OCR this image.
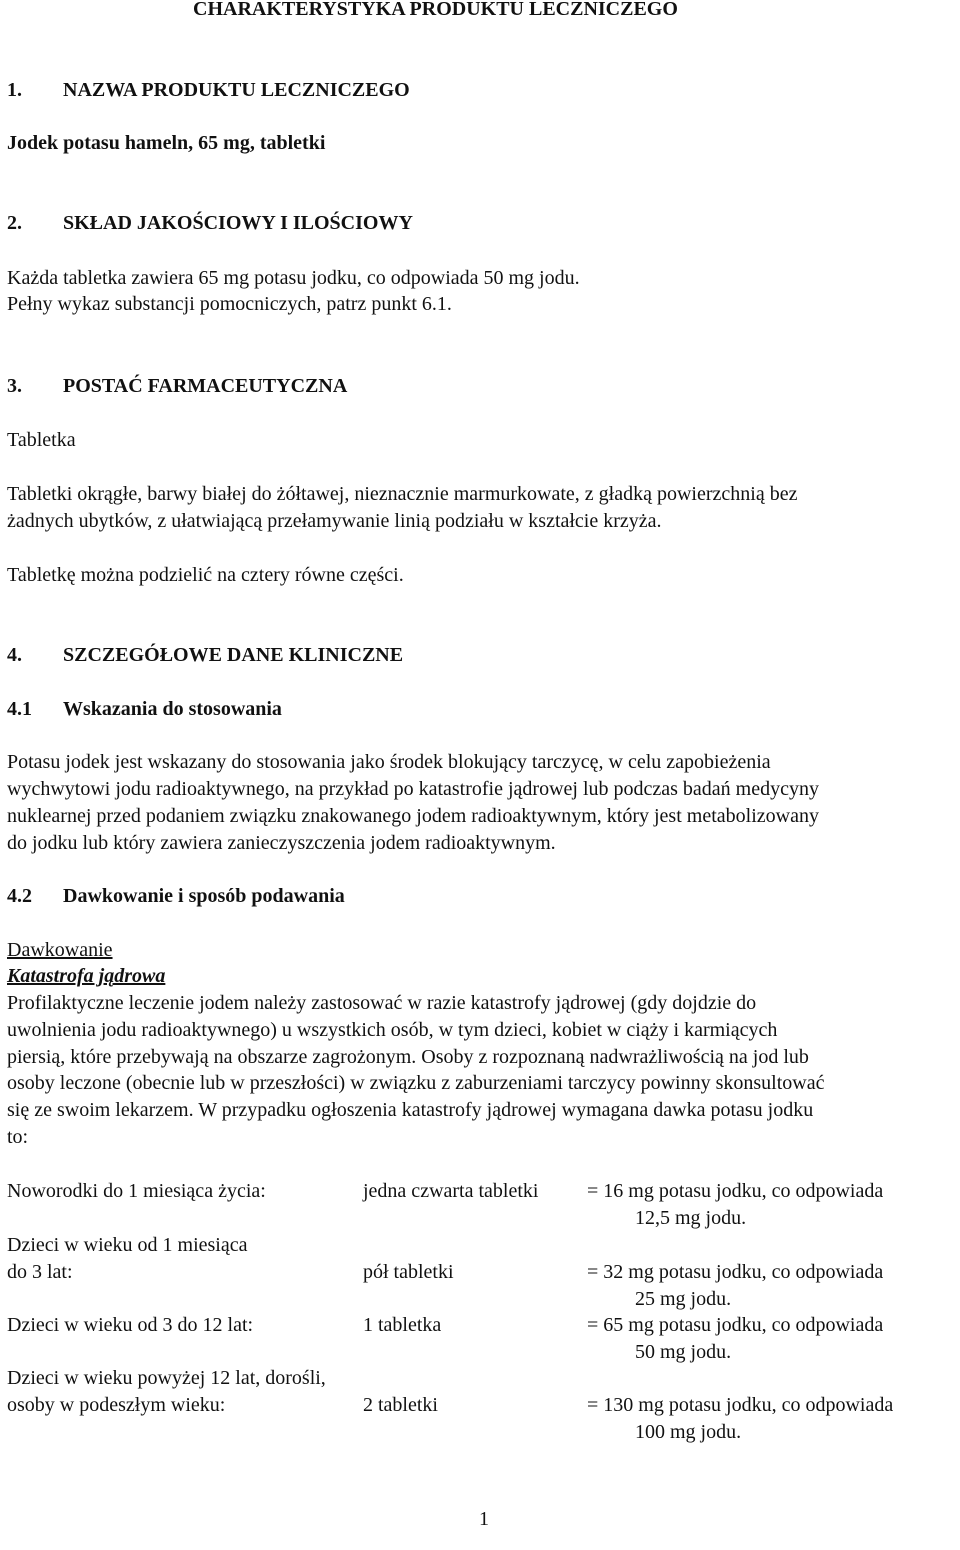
CHARAKTERYSTYKA PRODUKTU LECZNICZEGO
1. NAZWA PRODUKTU LECZNICZEGO
Jodek potasu hameln, 65 mg, tabletki
2. SKŁAD JAKOŚCIOWY I ILOŚCIOWY
Każda tabletka zawiera 65 mg potasu jodku, co odpowiada 50 mg jodu.
Pełny wykaz substancji pomocniczych, patrz punkt 6.1.
3. POSTAĆ FARMACEUTYCZNA
Tabletka
Tabletki okrągłe, barwy białej do żółtawej, nieznacznie marmurkowate, z gładką powierzchnią bez
żadnych ubytków, z ułatwiającą przełamywanie linią podziału w kształcie krzyża.
Tabletkę można podzielić na cztery równe części.
4. SZCZEGÓŁOWE DANE KLINICZNE
4.1 Wskazania do stosowania
Potasu jodek jest wskazany do stosowania jako środek blokujący tarczycę, w celu zapobieżenia
wychwytowi jodu radioaktywnego, na przykład po katastrofie jądrowej lub podczas badań medycyny
nuklearnej przed podaniem związku znakowanego jodem radioaktywnym, który jest metabolizowany
do jodku lub który zawiera zanieczyszczenia jodem radioaktywnym.
4.2 Dawkowanie i sposób podawania
Dawkowanie
Katastrofa jądrowa
Profilaktyczne leczenie jodem należy zastosować w razie katastrofy jądrowej (gdy dojdzie do
uwolnienia jodu radioaktywnego) u wszystkich osób, w tym dzieci, kobiet w ciąży i karmiących
piersią, które przebywają na obszarze zagrożonym. Osoby z rozpoznaną nadwrażliwością na jod lub
osoby leczone (obecnie lub w przeszłości) w związku z zaburzeniami tarczycy powinny skonsultować
się ze swoim lekarzem. W przypadku ogłoszenia katastrofy jądrowej wymagana dawka potasu jodku
to:
Noworodki do 1 miesiąca życia:	jedna czwarta tabletki = 16 mg potasu jodku, co odpowiada
12,5 mg jodu.
Dzieci w wieku od 1 miesiąca
do 3 lat:	pół tabletki	= 32 mg potasu jodku, co odpowiada
25 mg jodu.
Dzieci w wieku od 3 do 12 lat:	1 tabletka	= 65 mg potasu jodku, co odpowiada
50 mg jodu.
Dzieci w wieku powyżej 12 lat, dorośli,
osoby w podeszłym wieku:	2 tabletki	= 130 mg potasu jodku, co odpowiada
100 mg jodu.
1
